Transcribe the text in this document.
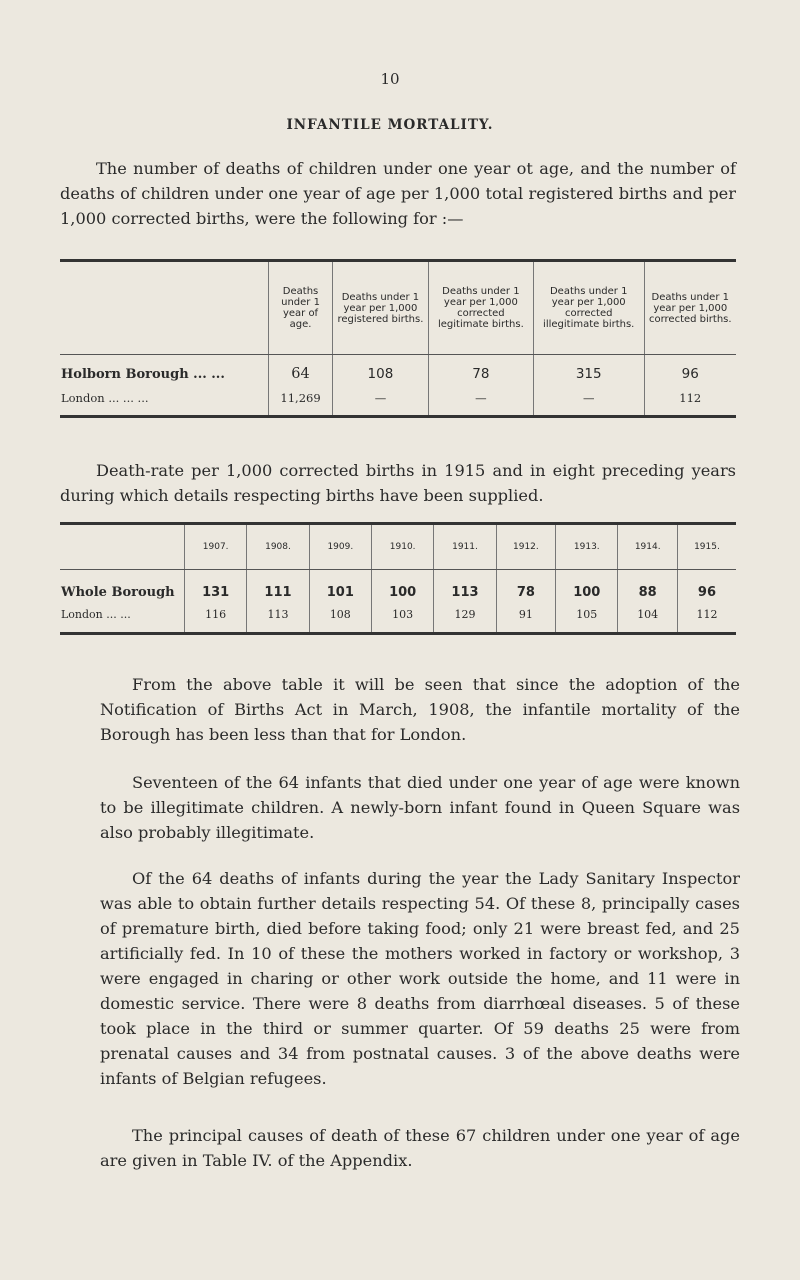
10
INFANTILE MORTALITY.
The number of deaths of children under one year ot age, and the number of deaths of children under one year of age per 1,000 total registered births and per 1,000 corrected births, were the following for :—
	Deaths under 1 year of age.	Deaths under 1 year per 1,000 registered births.	Deaths under 1 year per 1,000 corrected legitimate births.	Deaths under 1 year per 1,000 corrected illegitimate births.	Deaths under 1 year per 1,000 corrected births.
Holborn Borough ... ...	64	108	78	315	96
London ... ... ...	11,269	—	—	—	112
Death-rate per 1,000 corrected births in 1915 and in eight preceding years during which details respecting births have been supplied.
	1907.	1908.	1909.	1910.	1911.	1912.	1913.	1914.	1915.
Whole Borough	131	111	101	100	113	78	100	88	96
London ... ...	116	113	108	103	129	91	105	104	112
From the above table it will be seen that since the adoption of the Notification of Births Act in March, 1908, the infantile mortality of the Borough has been less than that for London.
Seventeen of the 64 infants that died under one year of age were known to be illegitimate children. A newly-born infant found in Queen Square was also probably illegitimate.
Of the 64 deaths of infants during the year the Lady Sanitary Inspector was able to obtain further details respecting 54. Of these 8, principally cases of premature birth, died before taking food; only 21 were breast fed, and 25 artificially fed. In 10 of these the mothers worked in factory or workshop, 3 were engaged in charing or other work outside the home, and 11 were in domestic service. There were 8 deaths from diarrhœal diseases. 5 of these took place in the third or summer quarter. Of 59 deaths 25 were from prenatal causes and 34 from postnatal causes. 3 of the above deaths were infants of Belgian refugees.
The principal causes of death of these 67 children under one year of age are given in Table IV. of the Appendix.
